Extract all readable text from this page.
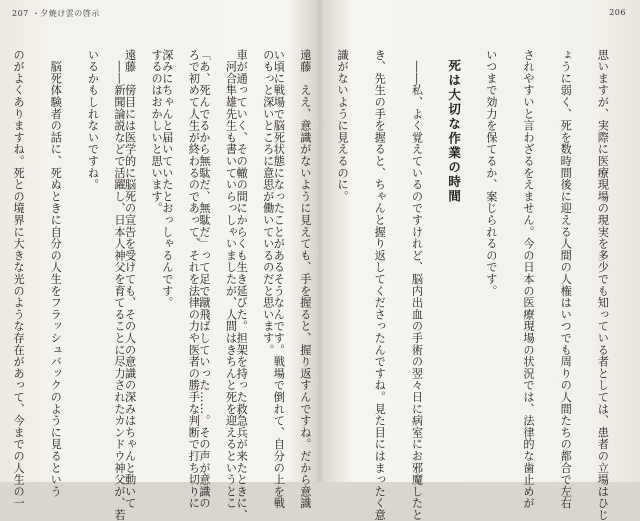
207 ・夕焼け雲の啓示

い頃に戦場で脳死状態になったことがあるそうなんです。戦場で倒れて、自分の上を戦

車が通っていく、その轍の間にからくも生き延びた。担架を持った救急兵が来たときに、

「あ、死んでるから無駄だ、無駄だ」って足で蹴飛ばしていった……。その声が意識の

深みにちゃんと届いていたとおっしゃるんです。

遠藤　傍目には医学的に脳死の宣告を受けても、その人の意識の深みはちゃんと動いて

いるかもしれないですね。

　脳死体験者の話に、死ぬときに自分の人生をフラッシュバックのように見るという

のがよくありますね。死との境界に大きな光のような存在があって、今までの人生の一

206

思いますが、実際に医療現場の現実を多少でも知っている者としては、患者の立場はひじ

ょうに弱く、死を数時間後に迎える人間の人権はいつでも周りの人間たちの都合で左右

されやすいと言わざるをえません。今の日本の医療現場の状況では、法律的な歯止めが

いつまで効力を保てるか、案じられるのです。

死は大切な作業の時間

　――私、よく覚えているのですけれど、脳内出血の手術の翌々日に病室にお邪魔したと

き、先生の手を握ると、ちゃんと握り返してくださったんですね。見た目にはまったく意

識がないように見えるのに。

遠藤　ええ、意識がないように見えても、手を握ると、握り返すんですね。だから意識

のもっと深いところに意思が働いているのだと思います。

　河合隼雄先生も書いていらっしゃいましたが、人間はきちんと死を迎えるというとこ

ろで初めて人生が終わるのであって、それを法律の力や医者の勝手な判断で打ち切りに

するのはおかしいと思います。

　――新聞論説などで活躍し、日本人神父を育てることに尽力されたカンドウ神父が、若
